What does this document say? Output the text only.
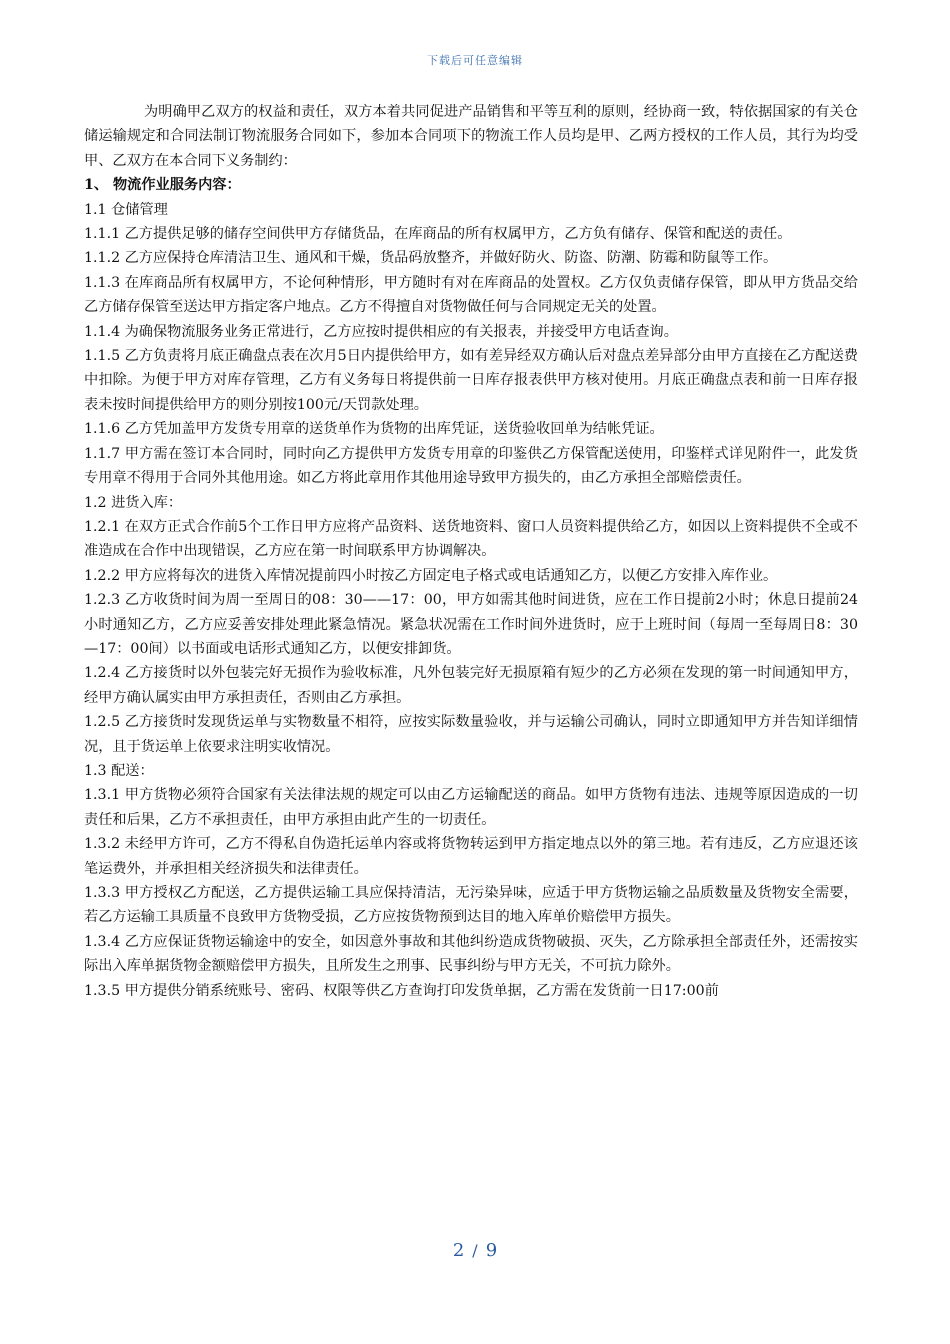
下载后可任意编辑

为明确甲乙双方的权益和责任，双方本着共同促进产品销售和平等互利的原则，经协商一致，特依据国家的有关仓储运输规定和合同法制订物流服务合同如下，参加本合同项下的物流工作人员均是甲、乙两方授权的工作人员，其行为均受甲、乙双方在本合同下义务制约：

1、 物流作业服务内容：

1.1 仓储管理

1.1.1 乙方提供足够的储存空间供甲方存储货品，在库商品的所有权属甲方，乙方负有储存、保管和配送的责任。

1.1.2 乙方应保持仓库清洁卫生、通风和干燥，货品码放整齐，并做好防火、防盗、防潮、防霉和防鼠等工作。

1.1.3 在库商品所有权属甲方，不论何种情形，甲方随时有对在库商品的处置权。乙方仅负责储存保管，即从甲方货品交给乙方储存保管至送达甲方指定客户地点。乙方不得擅自对货物做任何与合同规定无关的处置。

1.1.4 为确保物流服务业务正常进行，乙方应按时提供相应的有关报表，并接受甲方电话查询。

1.1.5 乙方负责将月底正确盘点表在次月5日内提供给甲方，如有差异经双方确认后对盘点差异部分由甲方直接在乙方配送费中扣除。为便于甲方对库存管理，乙方有义务每日将提供前一日库存报表供甲方核对使用。月底正确盘点表和前一日库存报表未按时间提供给甲方的则分别按100元/天罚款处理。

1.1.6 乙方凭加盖甲方发货专用章的送货单作为货物的出库凭证，送货验收回单为结帐凭证。

1.1.7 甲方需在签订本合同时，同时向乙方提供甲方发货专用章的印鉴供乙方保管配送使用，印鉴样式详见附件一，此发货专用章不得用于合同外其他用途。如乙方将此章用作其他用途导致甲方损失的，由乙方承担全部赔偿责任。

1.2 进货入库：

1.2.1 在双方正式合作前5个工作日甲方应将产品资料、送货地资料、窗口人员资料提供给乙方，如因以上资料提供不全或不准造成在合作中出现错误，乙方应在第一时间联系甲方协调解决。

1.2.2 甲方应将每次的进货入库情况提前四小时按乙方固定电子格式或电话通知乙方，以便乙方安排入库作业。

1.2.3 乙方收货时间为周一至周日的08：30——17：00，甲方如需其他时间进货，应在工作日提前2小时；休息日提前24小时通知乙方，乙方应妥善安排处理此紧急情况。紧急状况需在工作时间外进货时，应于上班时间（每周一至每周日8：30—17：00间）以书面或电话形式通知乙方，以便安排卸货。

1.2.4 乙方接货时以外包装完好无损作为验收标准，凡外包装完好无损原箱有短少的乙方必须在发现的第一时间通知甲方，经甲方确认属实由甲方承担责任，否则由乙方承担。

1.2.5 乙方接货时发现货运单与实物数量不相符，应按实际数量验收，并与运输公司确认，同时立即通知甲方并告知详细情况，且于货运单上依要求注明实收情况。

1.3 配送：

1.3.1 甲方货物必须符合国家有关法律法规的规定可以由乙方运输配送的商品。如甲方货物有违法、违规等原因造成的一切责任和后果，乙方不承担责任，由甲方承担由此产生的一切责任。

1.3.2 未经甲方许可，乙方不得私自伪造托运单内容或将货物转运到甲方指定地点以外的第三地。若有违反，乙方应退还该笔运费外，并承担相关经济损失和法律责任。

1.3.3 甲方授权乙方配送，乙方提供运输工具应保持清洁，无污染异味，应适于甲方货物运输之品质数量及货物安全需要，若乙方运输工具质量不良致甲方货物受损，乙方应按货物预到达目的地入库单价赔偿甲方损失。

1.3.4 乙方应保证货物运输途中的安全，如因意外事故和其他纠纷造成货物破损、灭失，乙方除承担全部责任外，还需按实际出入库单据货物金额赔偿甲方损失，且所发生之刑事、民事纠纷与甲方无关，不可抗力除外。

1.3.5 甲方提供分销系统账号、密码、权限等供乙方查询打印发货单据，乙方需在发货前一日17:00前

2 / 9
